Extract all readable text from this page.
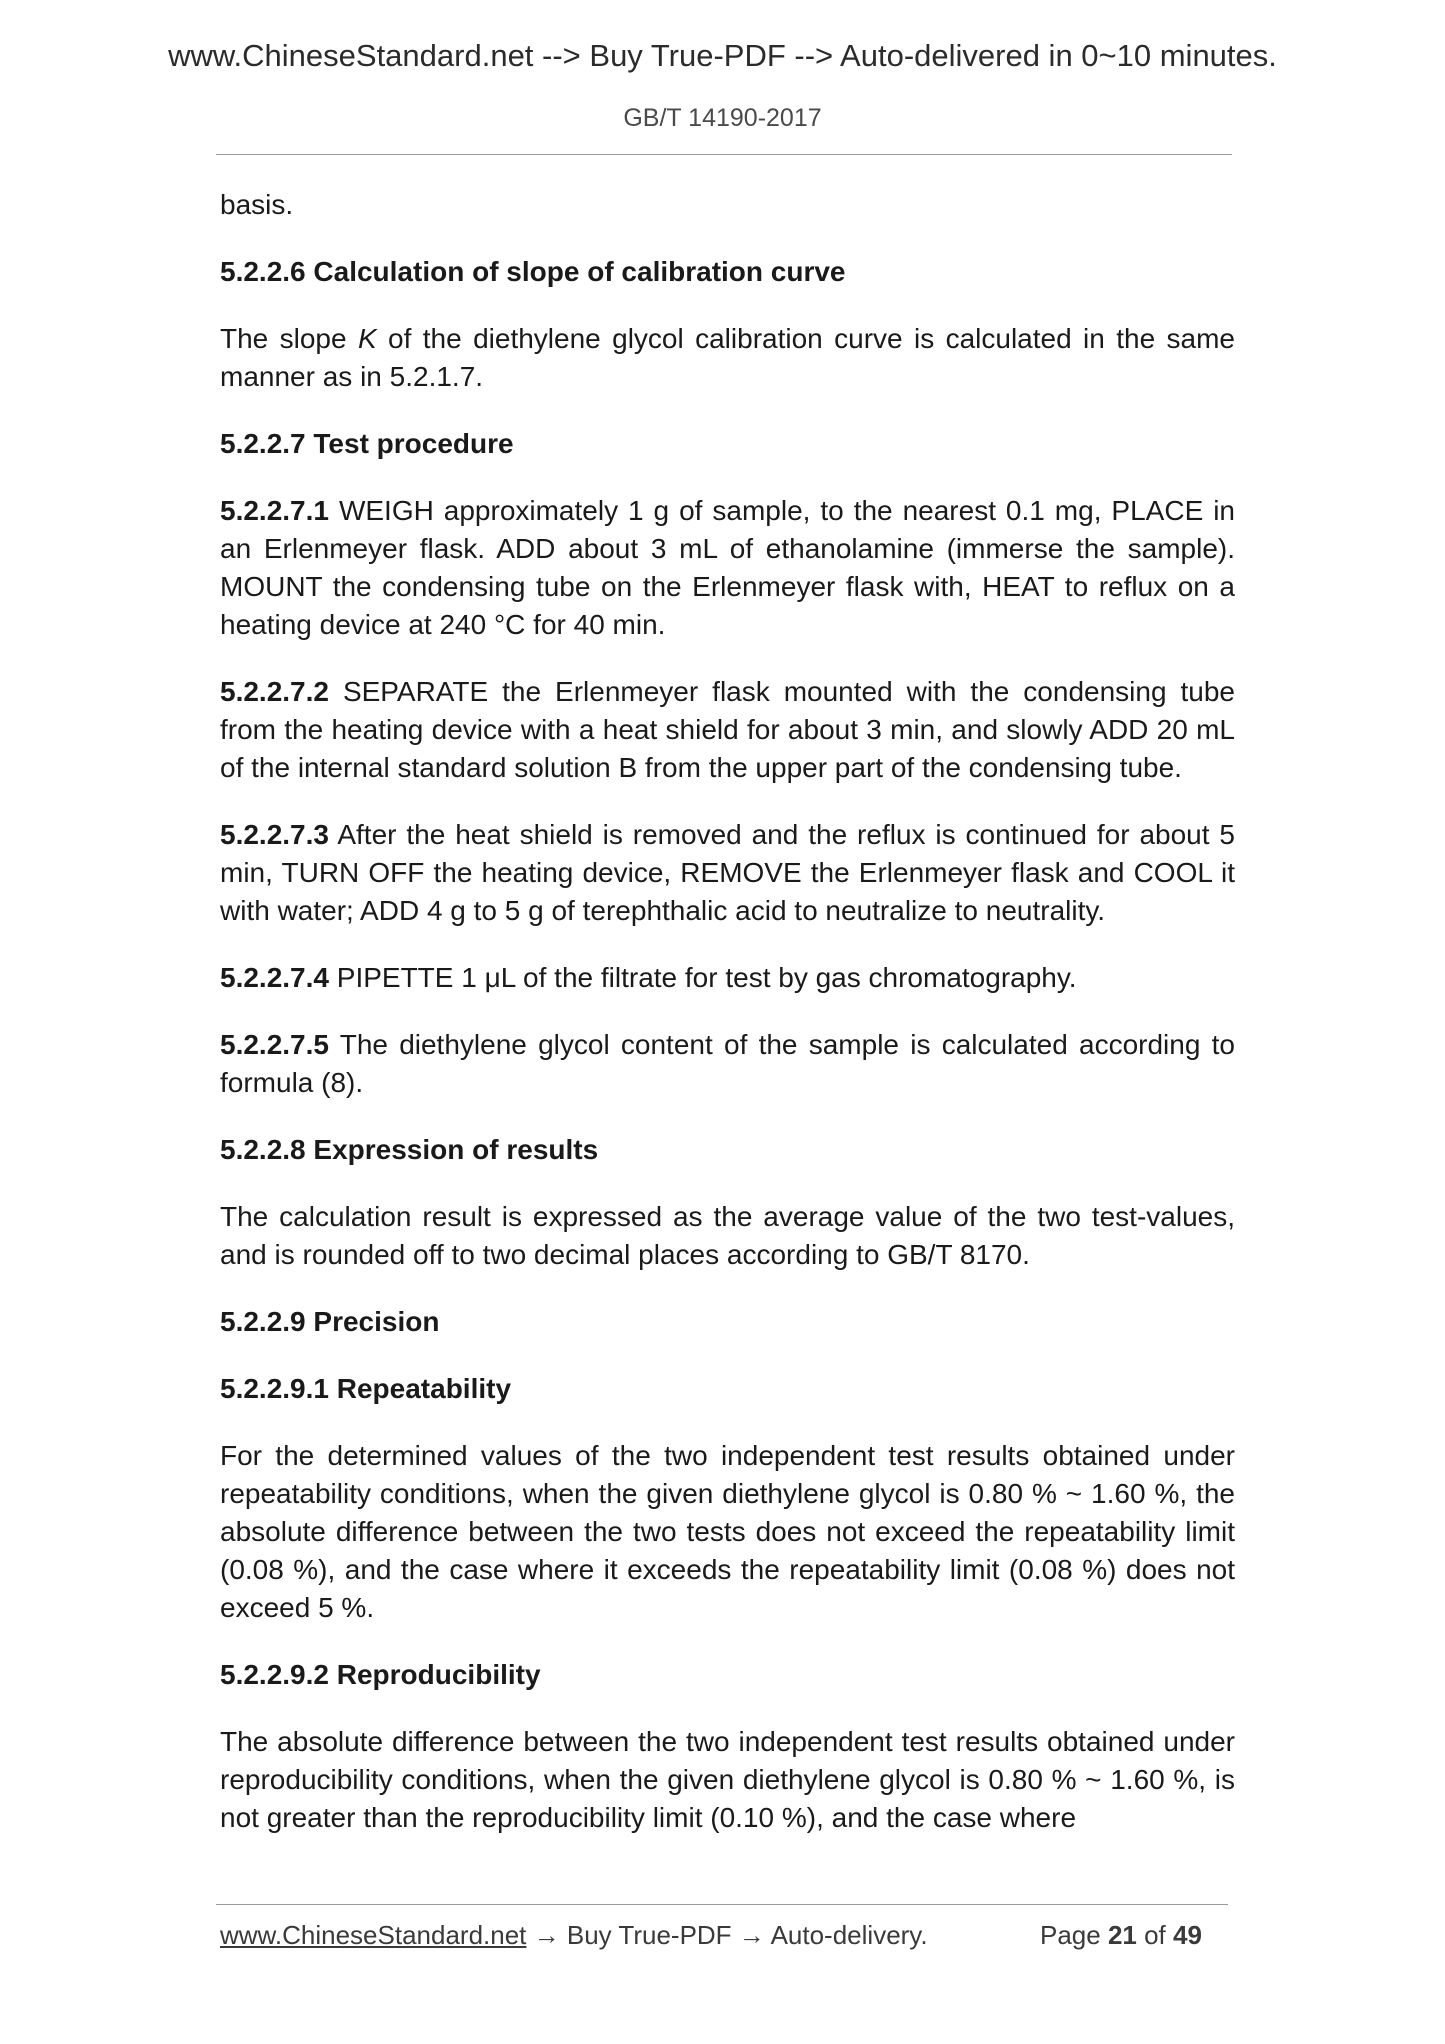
www.ChineseStandard.net --> Buy True-PDF --> Auto-delivered in 0~10 minutes.
GB/T 14190-2017

basis.

5.2.2.6 Calculation of slope of calibration curve

The slope K of the diethylene glycol calibration curve is calculated in the same manner as in 5.2.1.7.

5.2.2.7 Test procedure

5.2.2.7.1 WEIGH approximately 1 g of sample, to the nearest 0.1 mg, PLACE in an Erlenmeyer flask. ADD about 3 mL of ethanolamine (immerse the sample). MOUNT the condensing tube on the Erlenmeyer flask with, HEAT to reflux on a heating device at 240 °C for 40 min.

5.2.2.7.2 SEPARATE the Erlenmeyer flask mounted with the condensing tube from the heating device with a heat shield for about 3 min, and slowly ADD 20 mL of the internal standard solution B from the upper part of the condensing tube.

5.2.2.7.3 After the heat shield is removed and the reflux is continued for about 5 min, TURN OFF the heating device, REMOVE the Erlenmeyer flask and COOL it with water; ADD 4 g to 5 g of terephthalic acid to neutralize to neutrality.

5.2.2.7.4 PIPETTE 1 μL of the filtrate for test by gas chromatography.

5.2.2.7.5 The diethylene glycol content of the sample is calculated according to formula (8).

5.2.2.8 Expression of results

The calculation result is expressed as the average value of the two test-values, and is rounded off to two decimal places according to GB/T 8170.

5.2.2.9 Precision
5.2.2.9.1 Repeatability

For the determined values of the two independent test results obtained under repeatability conditions, when the given diethylene glycol is 0.80 % ~ 1.60 %, the absolute difference between the two tests does not exceed the repeatability limit (0.08 %), and the case where it exceeds the repeatability limit (0.08 %) does not exceed 5 %.

5.2.2.9.2 Reproducibility

The absolute difference between the two independent test results obtained under reproducibility conditions, when the given diethylene glycol is 0.80 % ~ 1.60 %, is not greater than the reproducibility limit (0.10 %), and the case where

www.ChineseStandard.net → Buy True-PDF → Auto-delivery.	Page 21 of 49
